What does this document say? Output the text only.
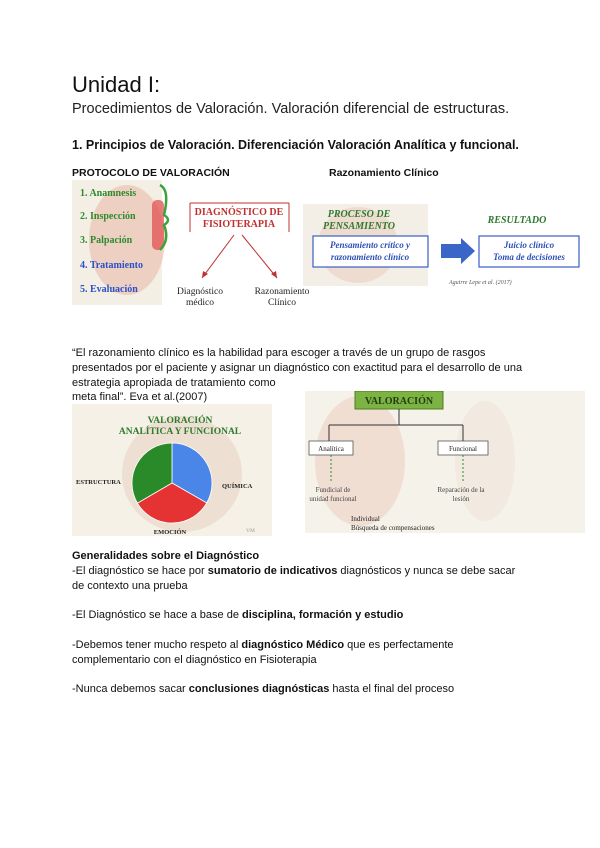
Unidad I:
Procedimientos de Valoración. Valoración diferencial de estructuras.
1. Principios de Valoración. Diferenciación Valoración Analítica y funcional.
PROTOCOLO DE VALORACIÓN	Razonamiento Clínico
1. Anamnesis
2. Inspección
3. Palpación
4. Tratamiento
5. Evaluación
DIAGNÓSTICO DE
FISIOTERAPIA
Diagnóstico
médico
Razonamiento
Clínico
PROCESO DE
PENSAMIENTO
RESULTADO
Pensamiento crítico y
razonamiento clínico
Juicio clínico
Toma de decisiones
Aguirre Lepe et al. (2017)
“El razonamiento clínico es la habilidad para escoger a través de un grupo de rasgos
presentados por el paciente y asignar un diagnóstico con exactitud para el desarrollo de una
estrategia apropiada de tratamiento como
meta final”. Eva et al.(2007)
VALORACIÓN
ANALÍTICA Y FUNCIONAL
ESTRUCTURA
QUÍMICA
EMOCIÓN	VM
VALORACIÓN
Analítica	Funcional
Fundicial de
unidad funcional
Reparación de la
lesión
Individual
Búsqueda de compensaciones
Generalidades sobre el Diagnóstico
-El diagnóstico se hace por sumatorio de indicativos diagnósticos y nunca se debe sacar
de contexto una prueba
-El Diagnóstico se hace a base de disciplina, formación y estudio
-Debemos tener mucho respeto al diagnóstico Médico que es perfectamente
complementario con el diagnóstico en Fisioterapia
-Nunca debemos sacar conclusiones diagnósticas hasta el final del proceso
